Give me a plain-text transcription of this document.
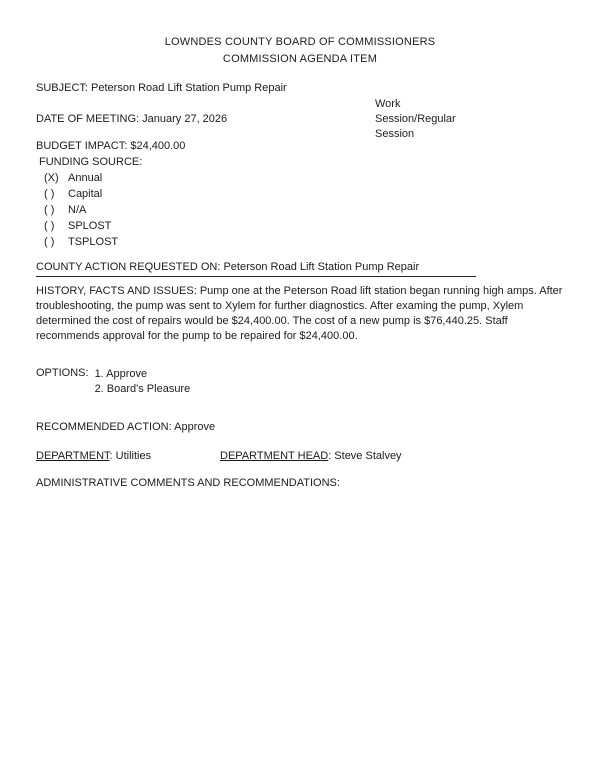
LOWNDES COUNTY BOARD OF COMMISSIONERS
COMMISSION AGENDA ITEM
SUBJECT: Peterson Road Lift Station Pump Repair
Work
Session/Regular
Session
DATE OF MEETING: January 27, 2026
BUDGET IMPACT: $24,400.00
FUNDING SOURCE:
(X) Annual
( )	Capital
( )	N/A
( )	SPLOST
( )	TSPLOST
COUNTY ACTION REQUESTED ON: Peterson Road Lift Station Pump Repair

HISTORY, FACTS AND ISSUES: Pump one at the Peterson Road lift station began running high amps. After troubleshooting, the pump was sent to Xylem for further diagnostics. After examing the pump, Xylem determined the cost of repairs would be $24,400.00. The cost of a new pump is $76,440.25. Staff recommends approval for the pump to be repaired for $24,400.00.

OPTIONS: 1. Approve
2. Board's Pleasure
RECOMMENDED ACTION: Approve
DEPARTMENT: Utilities	DEPARTMENT HEAD: Steve Stalvey
ADMINISTRATIVE COMMENTS AND RECOMMENDATIONS:
